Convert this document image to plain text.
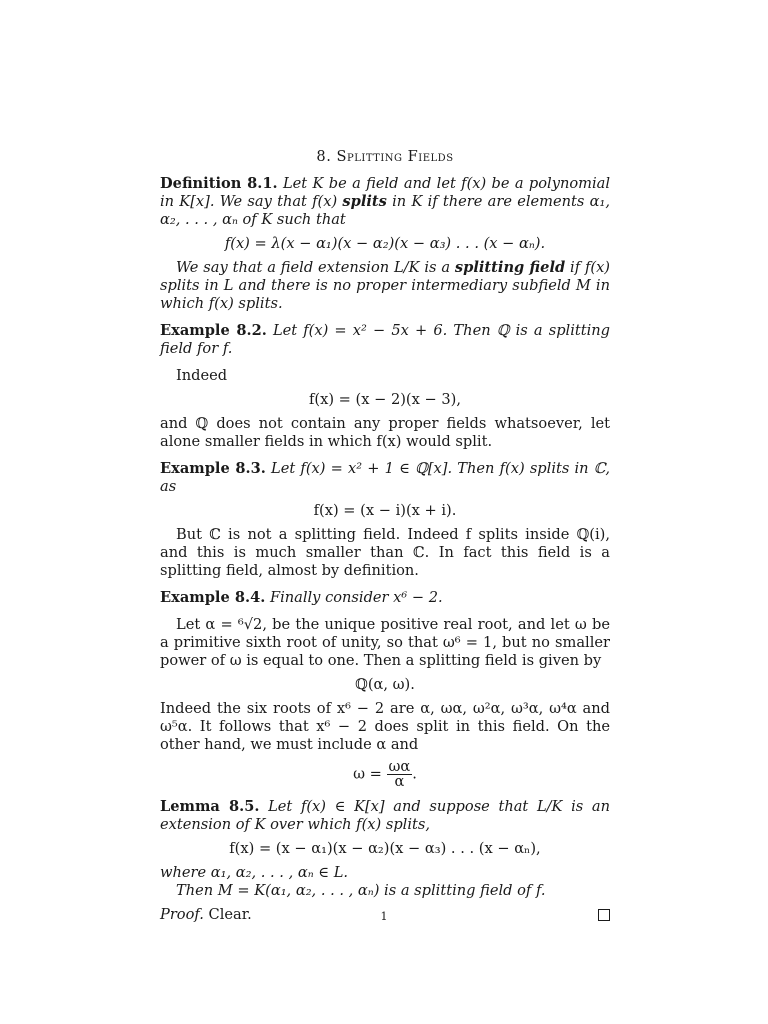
8. Splitting Fields

Definition 8.1. Let K be a field and let f(x) be a polynomial in K[x]. We say that f(x) splits in K if there are elements α₁, α₂, . . . , αₙ of K such that

f(x) = λ(x − α₁)(x − α₂)(x − α₃) . . . (x − αₙ).

We say that a field extension L/K is a splitting field if f(x) splits in L and there is no proper intermediary subfield M in which f(x) splits.

Example 8.2. Let f(x) = x² − 5x + 6. Then ℚ is a splitting field for f.

Indeed

f(x) = (x − 2)(x − 3),

and ℚ does not contain any proper fields whatsoever, let alone smaller fields in which f(x) would split.

Example 8.3. Let f(x) = x² + 1 ∈ ℚ[x]. Then f(x) splits in ℂ, as

f(x) = (x − i)(x + i).

But ℂ is not a splitting field. Indeed f splits inside ℚ(i), and this is much smaller than ℂ. In fact this field is a splitting field, almost by definition.

Example 8.4. Finally consider x⁶ − 2.

Let α = ⁶√2, be the unique positive real root, and let ω be a primitive sixth root of unity, so that ω⁶ = 1, but no smaller power of ω is equal to one. Then a splitting field is given by

ℚ(α, ω).

Indeed the six roots of x⁶ − 2 are α, ωα, ω²α, ω³α, ω⁴α and ω⁵α. It follows that x⁶ − 2 does split in this field. On the other hand, we must include α and

$\omega = \frac{\omega\alpha}{\alpha}$ .

Lemma 8.5. Let f(x) ∈ K[x] and suppose that L/K is an extension of K over which f(x) splits,

f(x) = (x − α₁)(x − α₂)(x − α₃) . . . (x − αₙ),

where α₁, α₂, . . . , αₙ ∈ L.

Then M = K(α₁, α₂, . . . , αₙ) is a splitting field of f.

Proof. Clear.	1
